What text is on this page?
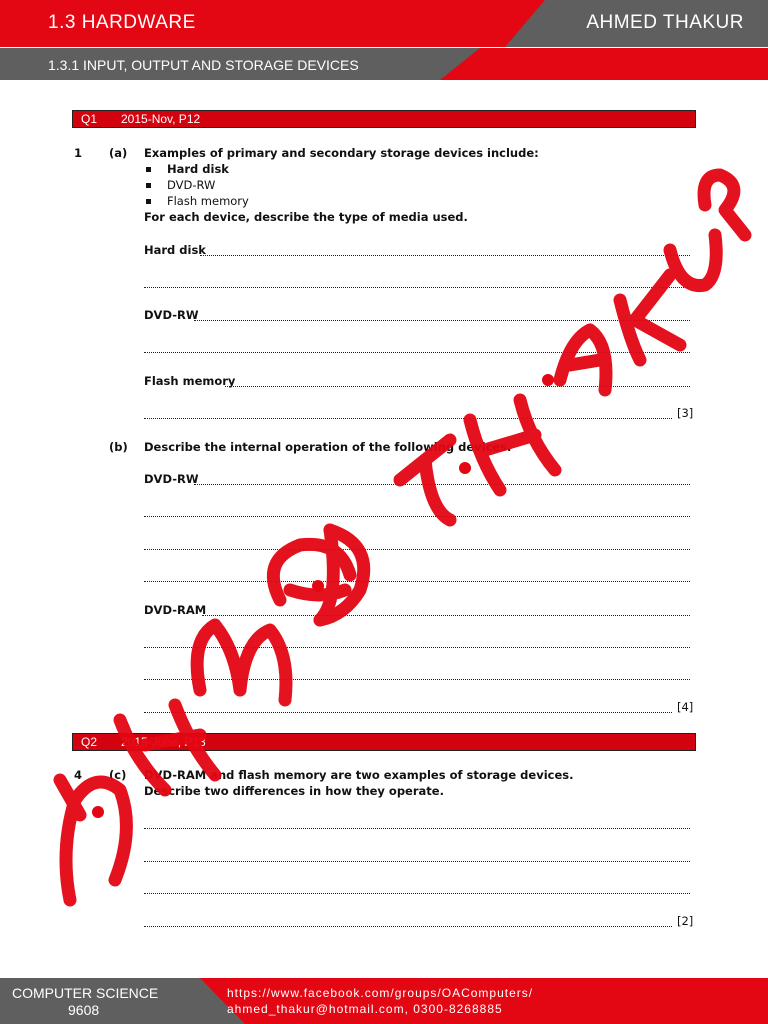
1.3 HARDWARE	AHMED THAKUR
1.3.1 INPUT, OUTPUT AND STORAGE DEVICES
Q1 2015-Nov, P12
1 (a) Examples of primary and secondary storage devices include:
Hard disk
DVD-RW
Flash memory
For each device, describe the type of media used.
Hard disk
DVD-RW
Flash memory
[3]
(b) Describe the internal operation of the following devices.
DVD-RW
DVD-RAM
[4]
Q2 2015-June, P13
4 (c) DVD-RAM and flash memory are two examples of storage devices.
Describe two differences in how they operate.
[2]
COMPUTER SCIENCE
9608
https://www.facebook.com/groups/OAComputers/
ahmed_thakur@hotmail.com, 0300-8268885
